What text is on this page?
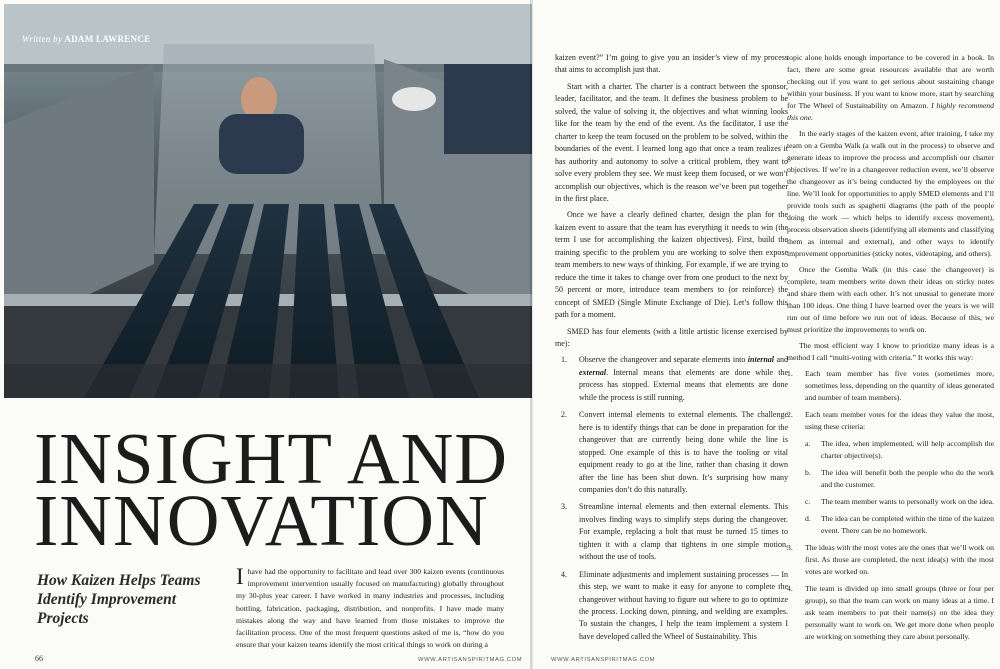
Written by ADAM LAWRENCE
INSIGHT AND
INNOVATION
How Kaizen Helps Teams Identify Improvement Projects
Ihave had the opportunity to facilitate and lead over 300 kaizen events (continuous improvement intervention usually focused on manufacturing) globally throughout my 30-plus year career. I have worked in many industries and processes, including bottling, fabrication, packaging, distribution, and nonprofits. I have made many mistakes along the way and have learned from those mistakes to improve the facilitation process. One of the most frequent questions asked of me is, “how do you ensure that your kaizen teams identify the most critical things to work on during a
66	WWW.ARTISANSPIRITMAG.COM	WWW.ARTISANSPIRITMAG.COM

kaizen event?” I’m going to give you an insider’s view of my process that aims to accomplish just that.

Start with a charter. The charter is a contract between the sponsor, leader, facilitator, and the team. It defines the business problem to be solved, the value of solving it, the objectives and what winning looks like for the team by the end of the event. As the facilitator, I use the charter to keep the team focused on the problem to be solved, within the boundaries of the event. I learned long ago that once a team realizes it has authority and autonomy to solve a critical problem, they want to solve every problem they see. We must keep them focused, or we won’t accomplish our objectives, which is the reason we’ve been put together in the first place.

Once we have a clearly defined charter, design the plan for the kaizen event to assure that the team has everything it needs to win (the term I use for accomplishing the kaizen objectives). First, build the training specific to the problem you are working to solve then expose team members to new ways of thinking. For example, if we are trying to reduce the time it takes to change over from one product to the next by 50 percent or more, introduce team members to (or reinforce) the concept of SMED (Single Minute Exchange of Die). Let’s follow this path for a moment.

SMED has four elements (with a little artistic license exercised by me):

1. Observe the changeover and separate elements into internal and external. Internal means that elements are done while the process has stopped. External means that elements are done while the process is still running.
2. Convert internal elements to external elements. The challenge here is to identify things that can be done in preparation for the changeover that are currently being done while the line is stopped. One example of this is to have the tooling or vital equipment ready to go at the line, rather than chasing it down after the line has been shut down. It’s surprising how many companies don’t do this naturally.
3. Streamline internal elements and then external elements. This involves finding ways to simplify steps during the changeover. For example, replacing a bolt that must be turned 15 times to tighten it with a clamp that tightens in one simple motion, without the use of tools.
4. Eliminate adjustments and implement sustaining processes — In this step, we want to make it easy for anyone to complete the changeover without having to figure out where to go to optimize the process. Locking down, pinning, and welding are examples. To sustain the changes, I help the team implement a system I have developed called the Wheel of Sustainability. This

topic alone holds enough importance to be covered in a book. In fact, there are some great resources available that are worth checking out if you want to get serious about sustaining change within your business. If you want to know more, start by searching for The Wheel of Sustainability on Amazon. I highly recommend this one.

In the early stages of the kaizen event, after training, I take my team on a Gemba Walk (a walk out in the process) to observe and generate ideas to improve the process and accomplish our charter objectives. If we’re in a changeover reduction event, we’ll observe the changeover as it’s being conducted by the employees on the line. We’ll look for opportunities to apply SMED elements and I’ll provide tools such as spaghetti diagrams (the path of the people doing the work — which helps to identify excess movement), process observation sheets (identifying all elements and classifying them as internal and external), and other ways to identify improvement opportunities (sticky notes, videotaping, and others).

Once the Gemba Walk (in this case the changeover) is complete, team members write down their ideas on sticky notes and share them with each other. It’s not unusual to generate more than 100 ideas. One thing I have learned over the years is we will run out of time before we run out of ideas. Because of this, we must prioritize the improvements to work on.

The most efficient way I know to prioritize many ideas is a method I call “multi-voting with criteria.” It works this way:

1. Each team member has five votes (sometimes more, sometimes less, depending on the quantity of ideas generated and number of team members).
2. Each team member votes for the ideas they value the most, using these criteria:
a. The idea, when implemented, will help accomplish the charter objective(s).
b. The idea will benefit both the people who do the work and the customer.
c. The team member wants to personally work on the idea.
d. The idea can be completed within the time of the kaizen event. There can be no homework.
3. The ideas with the most votes are the ones that we’ll work on first. As those are completed, the next idea(s) with the most votes are worked on.
4. The team is divided up into small groups (three or four per group), so that the team can work on many ideas at a time. I ask team members to put their name(s) on the idea they personally want to work on. We get more done when people are working on something they care about personally.
